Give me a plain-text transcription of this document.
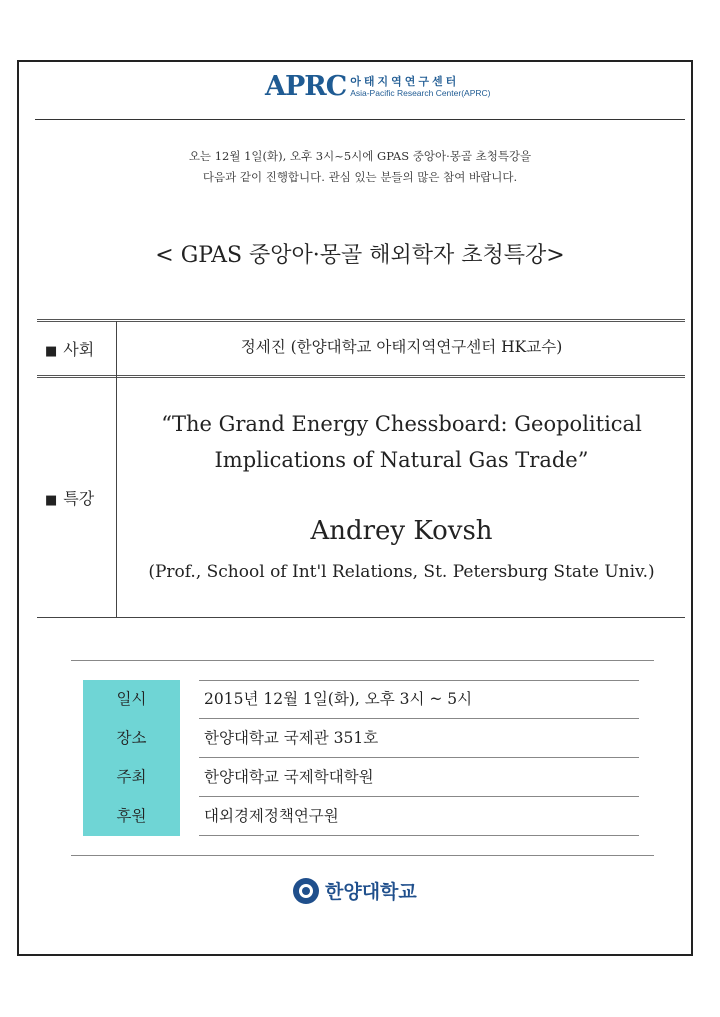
APRC 아태지역연구센터
Asia-Pacific Research Center(APRC)
오는 12월 1일(화), 오후 3시~5시에 GPAS 중앙아·몽골 초청특강을
다음과 같이 진행합니다. 관심 있는 분들의 많은 참여 바랍니다.
< GPAS 중앙아·몽골 해외학자 초청특강>
■ 사회	정세진 (한양대학교 아태지역연구센터 HK교수)
■ 특강
“The Grand Energy Chessboard: Geopolitical
Implications of Natural Gas Trade”
Andrey Kovsh
(Prof., School of Int'l Relations, St. Petersburg State Univ.)
일시
장소
주최
후원
2015년 12월 1일(화), 오후 3시 ~ 5시
한양대학교 국제관 351호
한양대학교 국제학대학원
대외경제정책연구원
한양대학교
